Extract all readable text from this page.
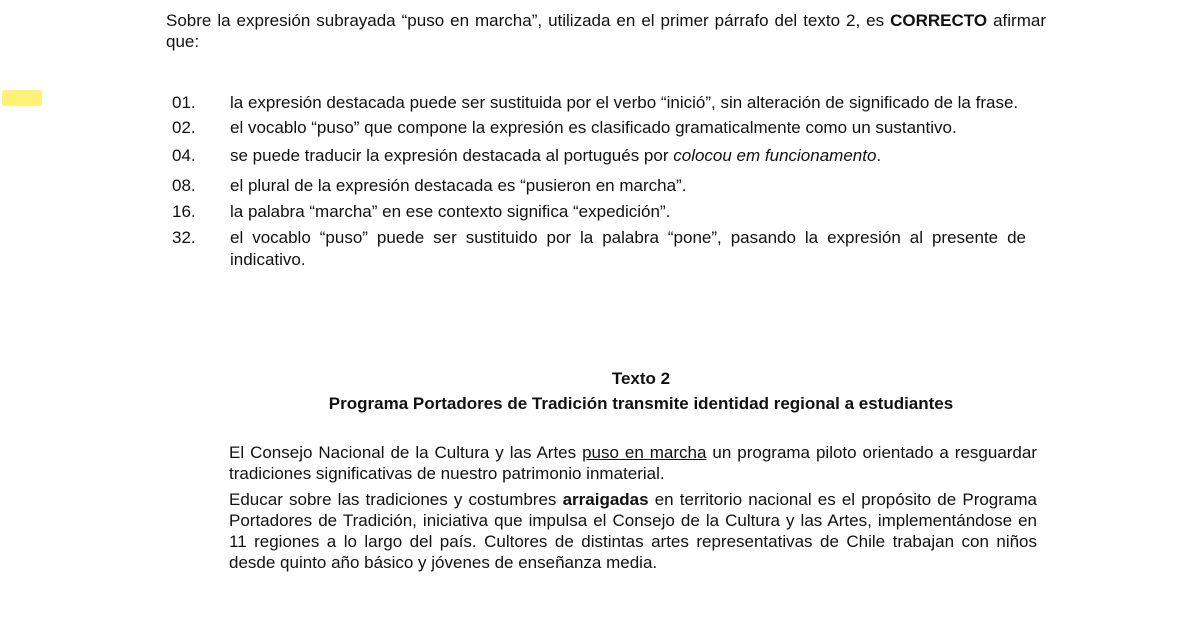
Sobre la expresión subrayada “puso en marcha”, utilizada en el primer párrafo del texto 2, es CORRECTO afirmar que:
01.	la expresión destacada puede ser sustituida por el verbo “inició”, sin alteración de significado de la frase.
02.	el vocablo “puso” que compone la expresión es clasificado gramaticalmente como un sustantivo.
04.	se puede traducir la expresión destacada al portugués por colocou em funcionamento.
08.	el plural de la expresión destacada es “pusieron en marcha”.
16.	la palabra “marcha” en ese contexto significa “expedición”.
32.	el vocablo “puso” puede ser sustituido por la palabra “pone”, pasando la expresión al presente de indicativo.
Texto 2
Programa Portadores de Tradición transmite identidad regional a estudiantes

El Consejo Nacional de la Cultura y las Artes puso en marcha un programa piloto orientado a resguardar tradiciones significativas de nuestro patrimonio inmaterial.

Educar sobre las tradiciones y costumbres arraigadas en territorio nacional es el propósito de Programa Portadores de Tradición, iniciativa que impulsa el Consejo de la Cultura y las Artes, implementándose en 11 regiones a lo largo del país. Cultores de distintas artes representativas de Chile trabajan con niños desde quinto año básico y jóvenes de enseñanza media.
